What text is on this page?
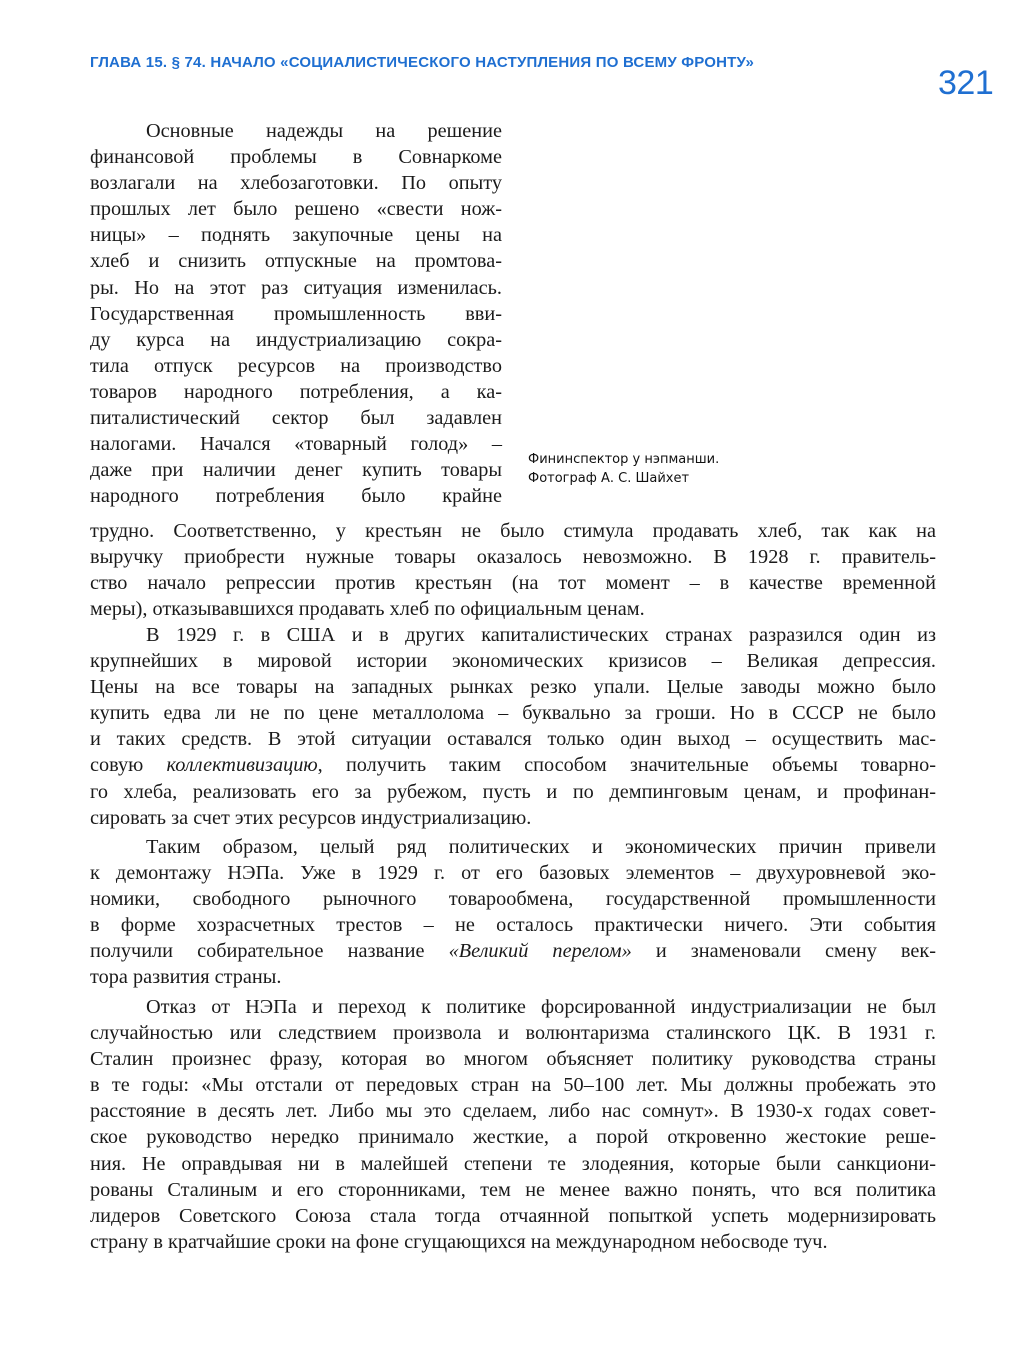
ГЛАВА 15. § 74. НАЧАЛО «СОЦИАЛИСТИЧЕСКОГО НАСТУПЛЕНИЯ ПО ВСЕМУ ФРОНТУ»
321
Фининспектор у нэпманши.
Фотограф А. С. Шайхет
Основные надежды на решение
финансовой проблемы в Совнаркоме
возлагали на хлебозаготовки. По опыту
прошлых лет было решено «свести нож-
ницы» – поднять закупочные цены на
хлеб и снизить отпускные на промтова-
ры. Но на этот раз ситуация изменилась.
Государственная промышленность вви-
ду курса на индустриализацию сокра-
тила отпуск ресурсов на производство
товаров народного потребления, а ка-
питалистический сектор был задавлен
налогами. Начался «товарный голод» –
даже при наличии денег купить товары
народного потребления было крайне
трудно. Соответственно, у крестьян не было стимула продавать хлеб, так как на
выручку приобрести нужные товары оказалось невозможно. В 1928 г. правитель-
ство начало репрессии против крестьян (на тот момент – в качестве временной
меры), отказывавшихся продавать хлеб по официальным ценам.
В 1929 г. в США и в других капиталистических странах разразился один из
крупнейших в мировой истории экономических кризисов – Великая депрессия.
Цены на все товары на западных рынках резко упали. Целые заводы можно было
купить едва ли не по цене металлолома – буквально за гроши. Но в СССР не было
и таких средств. В этой ситуации оставался только один выход – осуществить мас-
совую коллективизацию, получить таким способом значительные объемы товарно-
го хлеба, реализовать его за рубежом, пусть и по демпинговым ценам, и профинан-
сировать за счет этих ресурсов индустриализацию.
Таким образом, целый ряд политических и экономических причин привели
к демонтажу НЭПа. Уже в 1929 г. от его базовых элементов – двухуровневой эко-
номики, свободного рыночного товарообмена, государственной промышленности
в форме хозрасчетных трестов – не осталось практически ничего. Эти события
получили собирательное название «Великий перелом» и знаменовали смену век-
тора развития страны.
Отказ от НЭПа и переход к политике форсированной индустриализации не был
случайностью или следствием произвола и волюнтаризма сталинского ЦК. В 1931 г.
Сталин произнес фразу, которая во многом объясняет политику руководства страны
в те годы: «Мы отстали от передовых стран на 50–100 лет. Мы должны пробежать это
расстояние в десять лет. Либо мы это сделаем, либо нас сомнут». В 1930-х годах совет-
ское руководство нередко принимало жесткие, а порой откровенно жестокие реше-
ния. Не оправдывая ни в малейшей степени те злодеяния, которые были санкциони-
рованы Сталиным и его сторонниками, тем не менее важно понять, что вся политика
лидеров Советского Союза стала тогда отчаянной попыткой успеть модернизировать
страну в кратчайшие сроки на фоне сгущающихся на международном небосводе туч.
